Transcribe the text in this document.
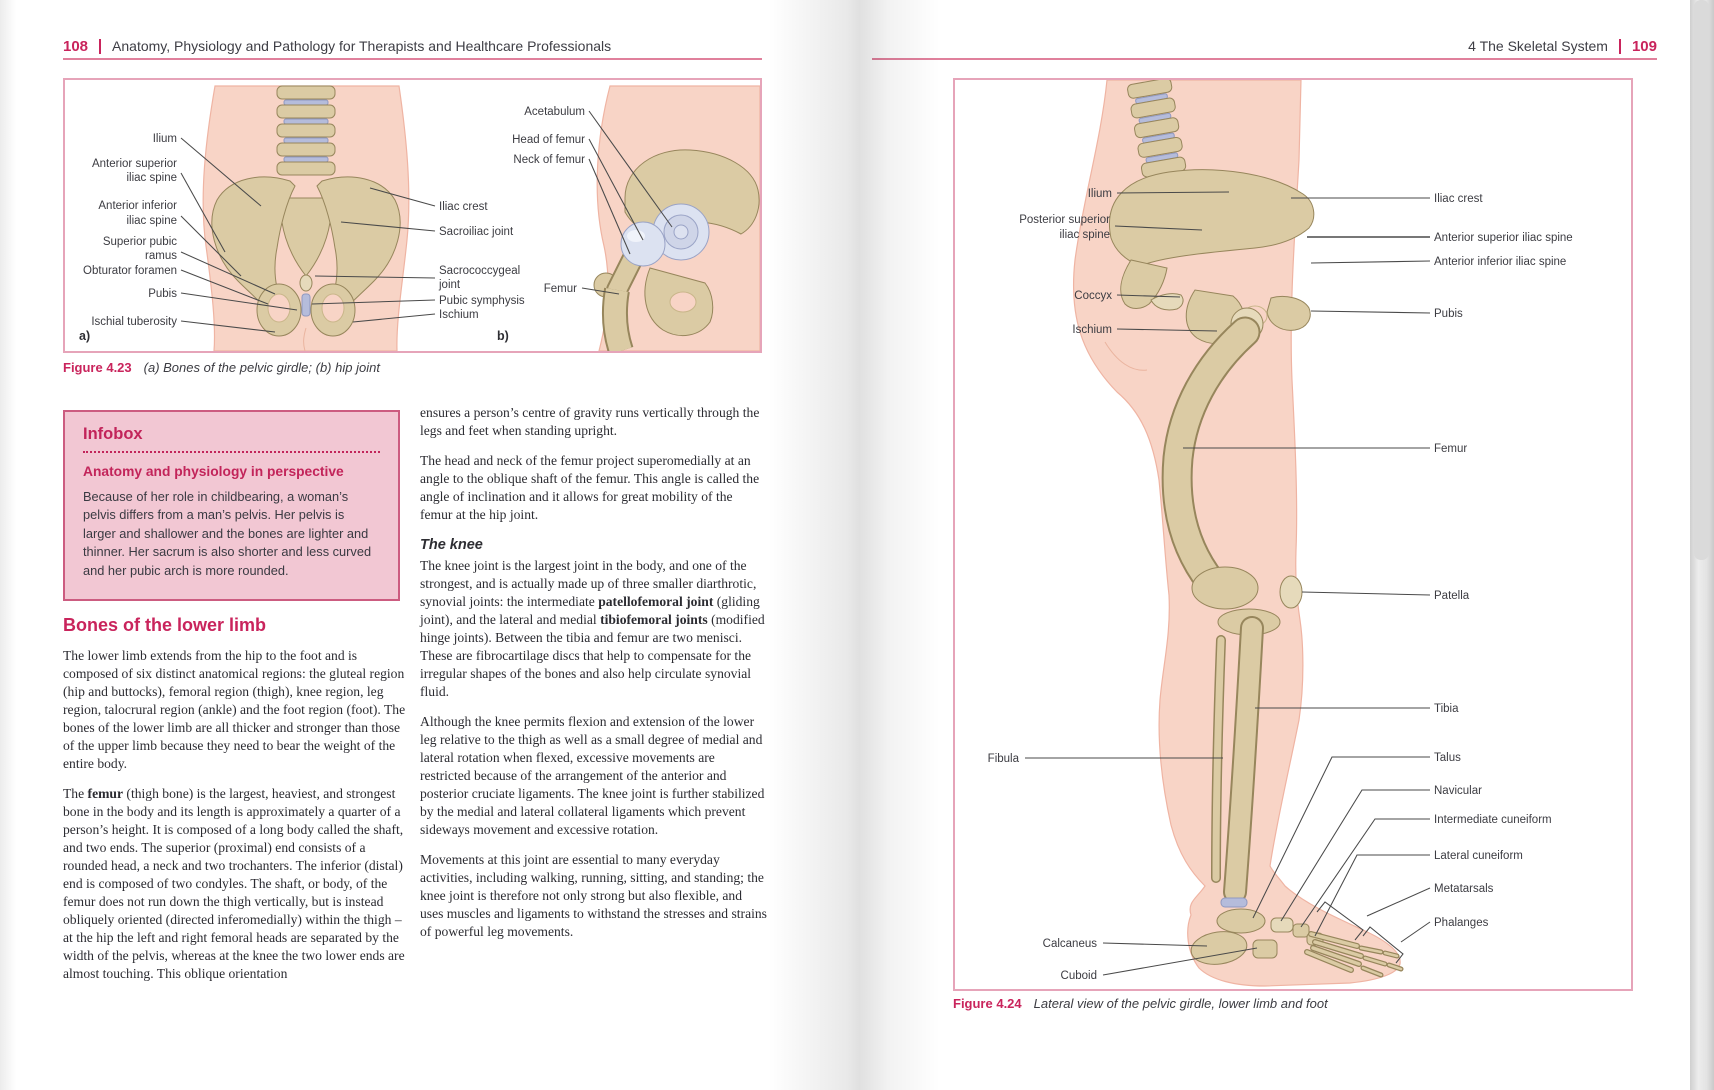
108 Anatomy, Physiology and Pathology for Therapists and Healthcare Professionals
Ilium
Anterior superior
iliac spine
Anterior inferior
iliac spine
Superior pubic
ramus
Obturator foramen
Pubis
Ischial tuberosity
Iliac crest
Sacroiliac joint
Sacrococcygeal
joint
Pubic symphysis
Ischium
Acetabulum
Head of femur
Neck of femur
Femur
a)	b)
Figure 4.23 (a) Bones of the pelvic girdle; (b) hip joint
Infobox
Anatomy and physiology in perspective

Because of her role in childbearing, a woman’s pelvis differs from a man’s pelvis. Her pelvis is larger and shallower and the bones are lighter and thinner. Her sacrum is also shorter and less curved and her pubic arch is more rounded.

Bones of the lower limb

The lower limb extends from the hip to the foot and is composed of six distinct anatomical regions: the gluteal region (hip and buttocks), femoral region (thigh), knee region, leg region, talocrural region (ankle) and the foot region (foot). The bones of the lower limb are all thicker and stronger than those of the upper limb because they need to bear the weight of the entire body.

The femur (thigh bone) is the largest, heaviest, and strongest bone in the body and its length is approximately a quarter of a person’s height. It is composed of a long body called the shaft, and two ends. The superior (proximal) end consists of a rounded head, a neck and two trochanters. The inferior (distal) end is composed of two condyles. The shaft, or body, of the femur does not run down the thigh vertically, but is instead obliquely oriented (directed inferomedially) within the thigh – at the hip the left and right femoral heads are separated by the width of the pelvis, whereas at the knee the two lower ends are almost touching. This oblique orientation

ensures a person’s centre of gravity runs vertically through the legs and feet when standing upright.

The head and neck of the femur project superomedially at an angle to the oblique shaft of the femur. This angle is called the angle of inclination and it allows for great mobility of the femur at the hip joint.

The knee

The knee joint is the largest joint in the body, and one of the strongest, and is actually made up of three smaller diarthrotic, synovial joints: the intermediate patellofemoral joint (gliding joint), and the lateral and medial tibiofemoral joints (modified hinge joints). Between the tibia and femur are two menisci. These are fibrocartilage discs that help to compensate for the irregular shapes of the bones and also help circulate synovial fluid.

Although the knee permits flexion and extension of the lower leg relative to the thigh as well as a small degree of medial and lateral rotation when flexed, excessive movements are restricted because of the arrangement of the anterior and posterior cruciate ligaments. The knee joint is further stabilized by the medial and lateral collateral ligaments which prevent sideways movement and excessive rotation.

Movements at this joint are essential to many everyday activities, including walking, running, sitting, and standing; the knee joint is therefore not only strong but also flexible, and uses muscles and ligaments to withstand the stresses and strains of powerful leg movements.

4 The Skeletal System 109
Ilium
Posterior superior
iliac spine
Coccyx
Ischium
Fibula
Calcaneus
Cuboid
Iliac crest
Anterior superior iliac spine
Anterior inferior iliac spine
Pubis
Femur
Patella
Tibia
Talus
Navicular
Intermediate cuneiform
Lateral cuneiform
Metatarsals
Phalanges
Figure 4.24 Lateral view of the pelvic girdle, lower limb and foot
